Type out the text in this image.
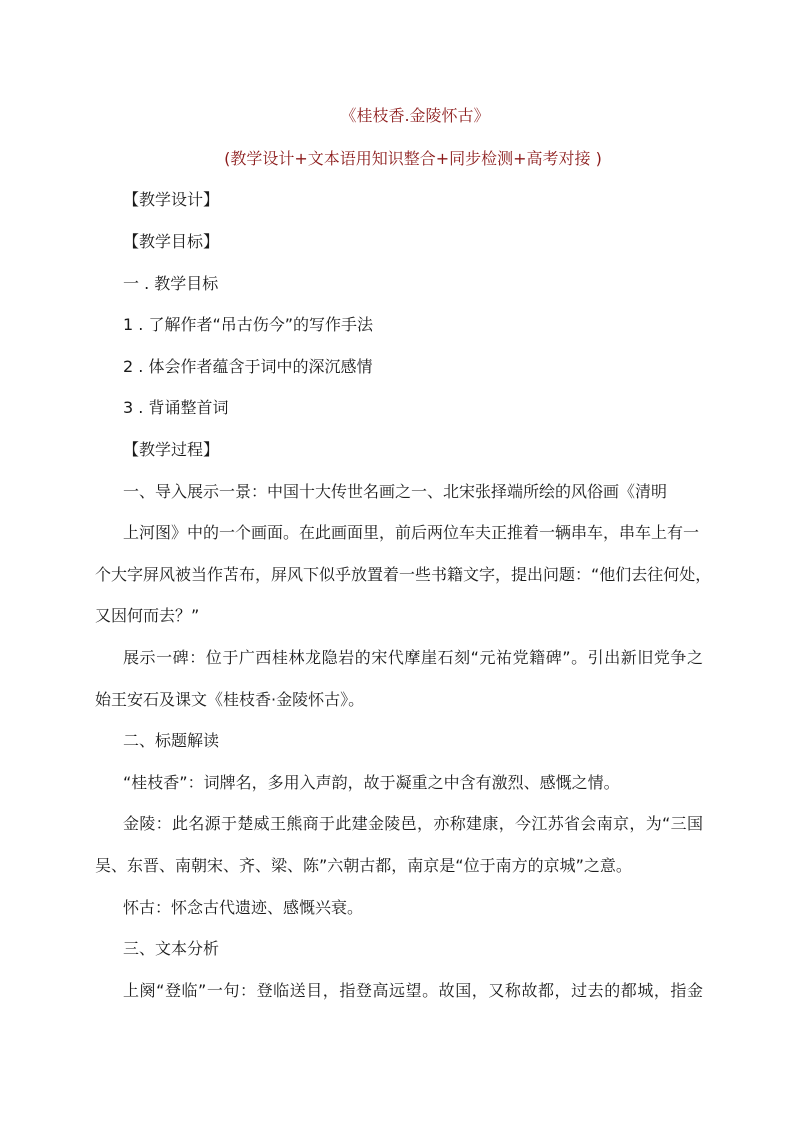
《桂枝香.金陵怀古》
(教学设计+文本语用知识整合+同步检测+高考对接 )
【教学设计】
【教学目标】
一 . 教学目标
1 . 了解作者“吊古伤今”的写作手法
2 . 体会作者蕴含于词中的深沉感情
3 . 背诵整首词
【教学过程】
一、导入展示一景：中国十大传世名画之一、北宋张择端所绘的风俗画《清明
上河图》中的一个画面。在此画面里，前后两位车夫正推着一辆串车，串车上有一
个大字屏风被当作苫布，屏风下似乎放置着一些书籍文字，提出问题：“他们去往何处，
又因何而去？”
展示一碑：位于广西桂林龙隐岩的宋代摩崖石刻“元祐党籍碑”。引出新旧党争之
始王安石及课文《桂枝香·金陵怀古》。
二、标题解读
“桂枝香”：词牌名，多用入声韵，故于凝重之中含有激烈、感慨之情。
金陵：此名源于楚威王熊商于此建金陵邑，亦称建康，今江苏省会南京，为“三国
吴、东晋、南朝宋、齐、梁、陈”六朝古都，南京是“位于南方的京城”之意。
怀古：怀念古代遗迹、感慨兴衰。
三、文本分析
上阕“登临”一句：登临送目，指登高远望。故国，又称故都，过去的都城，指金
